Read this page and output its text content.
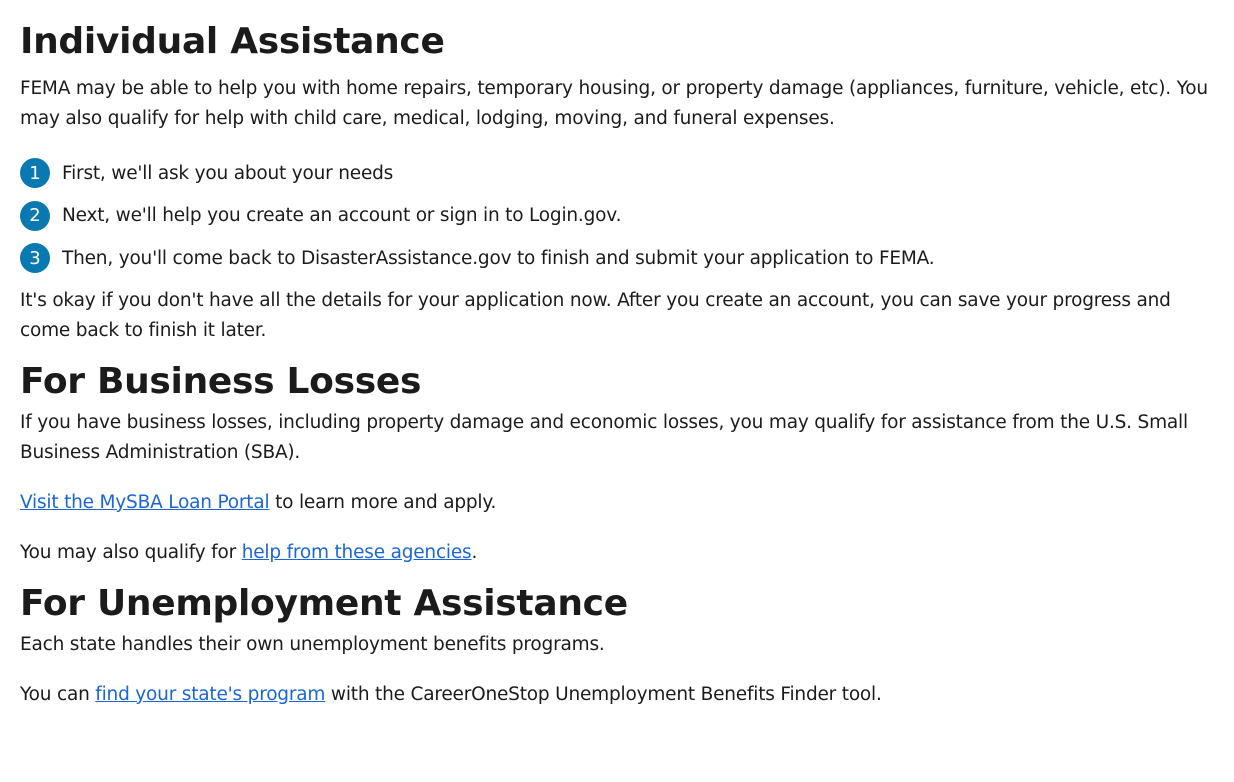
Individual Assistance

FEMA may be able to help you with home repairs, temporary housing, or property damage (appliances, furniture, vehicle, etc). You may also qualify for help with child care, medical, lodging, moving, and funeral expenses.

1	First, we'll ask you about your needs
2	Next, we'll help you create an account or sign in to Login.gov.
3	Then, you'll come back to DisasterAssistance.gov to finish and submit your application to FEMA.

It's okay if you don't have all the details for your application now. After you create an account, you can save your progress and come back to finish it later.

For Business Losses

If you have business losses, including property damage and economic losses, you may qualify for assistance from the U.S. Small Business Administration (SBA).

Visit the MySBA Loan Portal to learn more and apply.

You may also qualify for help from these agencies.

For Unemployment Assistance

Each state handles their own unemployment benefits programs.

You can find your state's program with the CareerOneStop Unemployment Benefits Finder tool.
